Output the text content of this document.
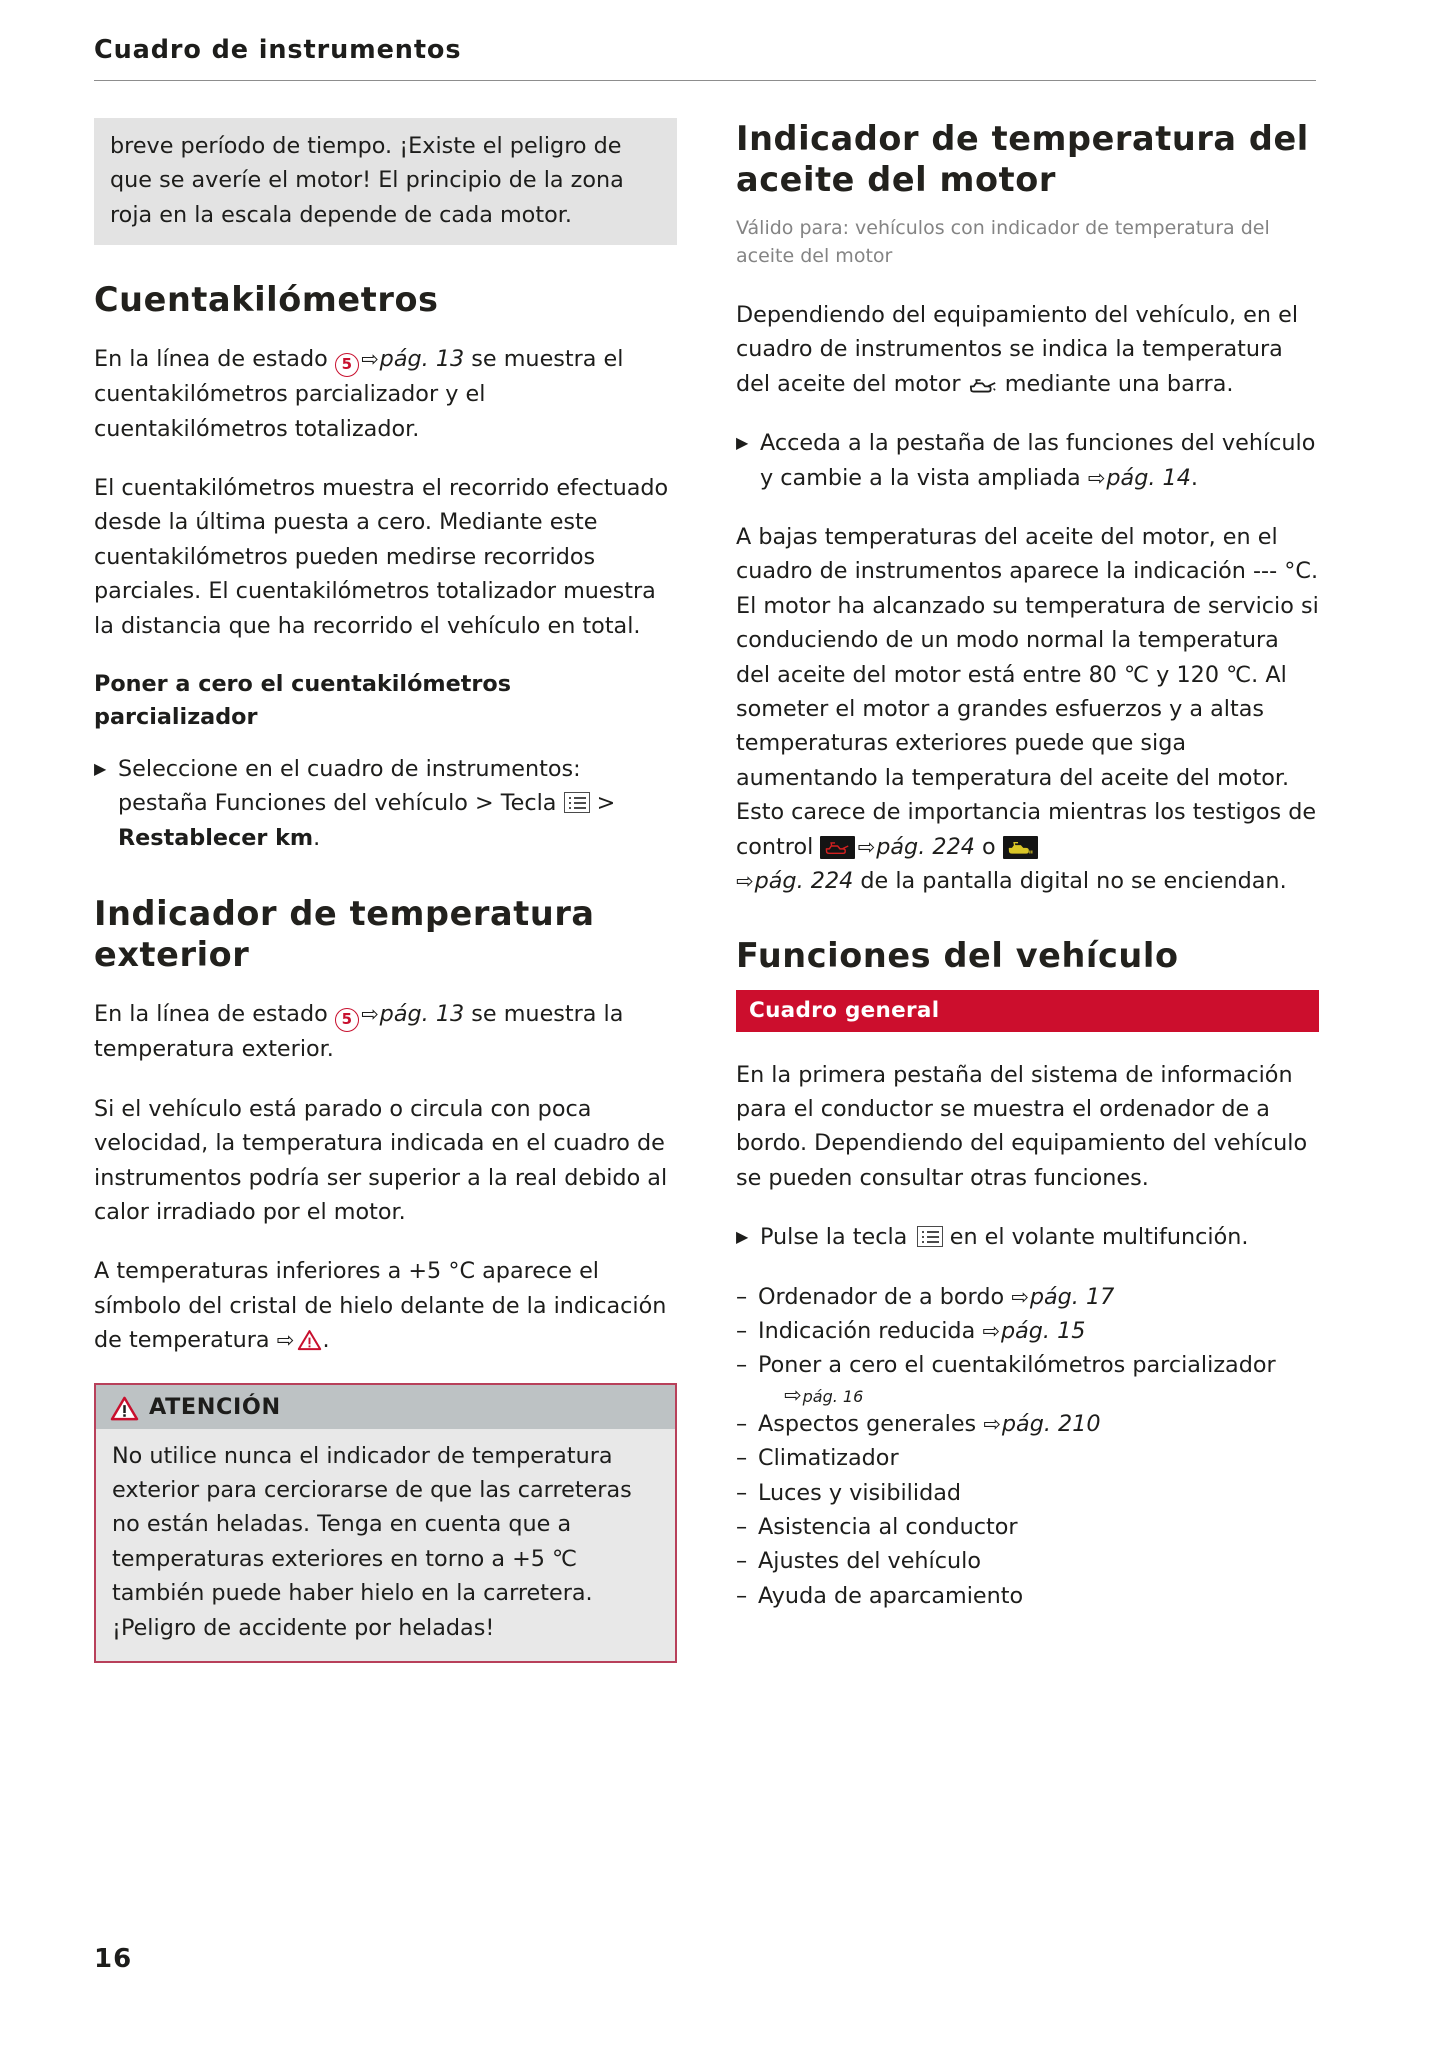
Cuadro de instrumentos
breve período de tiempo. ¡Existe el peligro de que se averíe el motor! El principio de la zona roja en la escala depende de cada motor.
Cuentakilómetros

En la línea de estado 5  ⇨pág. 13 se muestra el cuentakilómetros parcializador y el cuentakilómetros totalizador.

El cuentakilómetros muestra el recorrido efectuado desde la última puesta a cero. Mediante este cuentakilómetros pueden medirse recorridos parciales. El cuentakilómetros totalizador muestra la distancia que ha recorrido el vehículo en total.

Poner a cero el cuentakilómetros parcializador
▶ Seleccione en el cuadro de instrumentos: pestaña Funciones del vehículo > Tecla
> Restablecer km.
Indicador de temperatura exterior

En la línea de estado 5  ⇨pág. 13 se muestra la temperatura exterior.

Si el vehículo está parado o circula con poca velocidad, la temperatura indicada en el cuadro de instrumentos podría ser superior a la real debido al calor irradiado por el motor.

A temperaturas inferiores a +5 °C aparece el símbolo del cristal de hielo delante de la indicación de temperatura ⇨  .

ATENCIÓN
No utilice nunca el indicador de temperatura exterior para cerciorarse de que las carreteras no están heladas. Tenga en cuenta que a temperaturas exteriores en torno a +5 ℃ también puede haber hielo en la carretera. ¡Peligro de accidente por heladas!
Indicador de temperatura del aceite del motor
Válido para: vehículos con indicador de temperatura del aceite del motor

Dependiendo del equipamiento del vehículo, en el cuadro de instrumentos se indica la temperatura del aceite del motor  mediante una barra.

▶ Acceda a la pestaña de las funciones del vehículo y cambie a la vista ampliada ⇨pág. 14.

A bajas temperaturas del aceite del motor, en el cuadro de instrumentos aparece la indicación --- °C. El motor ha alcanzado su temperatura de servicio si conduciendo de un modo normal la temperatura del aceite del motor está entre 80 ℃ y 120 ℃. Al someter el motor a grandes esfuerzos y a altas temperaturas exteriores puede que siga aumentando la temperatura del aceite del motor. Esto carece de importancia mientras los testigos de control
 ⇨pág. 224 o

⇨pág. 224 de la pantalla digital no se enciendan.

Funciones del vehículo
Cuadro general

En la primera pestaña del sistema de información para el conductor se muestra el ordenador de a bordo. Dependiendo del equipamiento del vehículo se pueden consultar otras funciones.

▶ Pulse la tecla  
en el volante multifunción.
– Ordenador de a bordo ⇨pág. 17
– Indicación reducida ⇨pág. 15
– Poner a cero el cuentakilómetros parcializador
⇨pág. 16
– Aspectos generales ⇨pág. 210
– Climatizador
– Luces y visibilidad
– Asistencia al conductor
– Ajustes del vehículo
– Ayuda de aparcamiento
16
